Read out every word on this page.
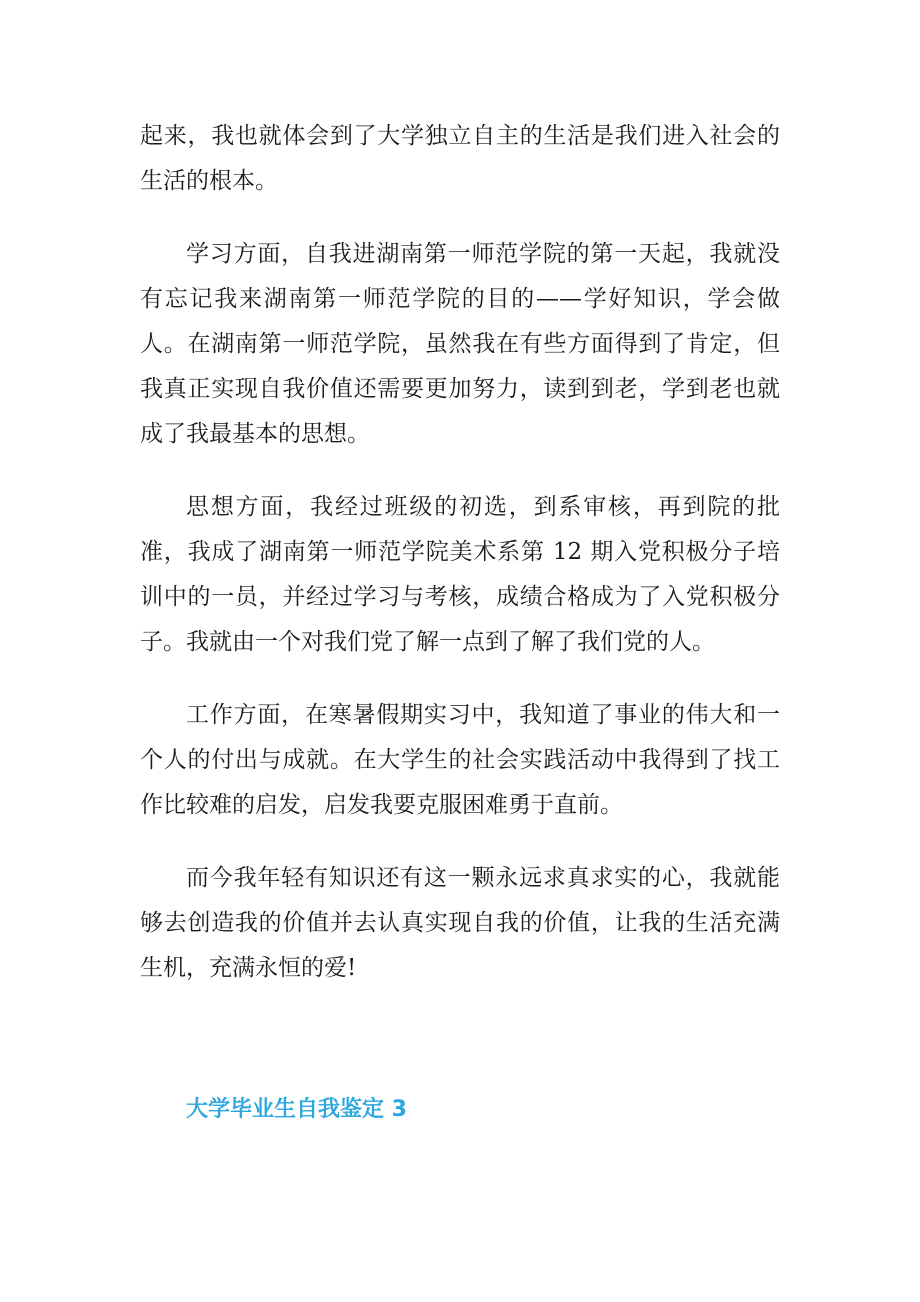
起来，我也就体会到了大学独立自主的生活是我们进入社会的生活的根本。

学习方面，自我进湖南第一师范学院的第一天起，我就没有忘记我来湖南第一师范学院的目的——学好知识，学会做人。在湖南第一师范学院，虽然我在有些方面得到了肯定，但我真正实现自我价值还需要更加努力，读到到老，学到老也就成了我最基本的思想。

思想方面，我经过班级的初选，到系审核，再到院的批准，我成了湖南第一师范学院美术系第 12 期入党积极分子培训中的一员，并经过学习与考核，成绩合格成为了入党积极分子。我就由一个对我们党了解一点到了解了我们党的人。

工作方面，在寒暑假期实习中，我知道了事业的伟大和一个人的付出与成就。在大学生的社会实践活动中我得到了找工作比较难的启发，启发我要克服困难勇于直前。

而今我年轻有知识还有这一颗永远求真求实的心，我就能够去创造我的价值并去认真实现自我的价值，让我的生活充满生机，充满永恒的爱!

大学毕业生自我鉴定 3
